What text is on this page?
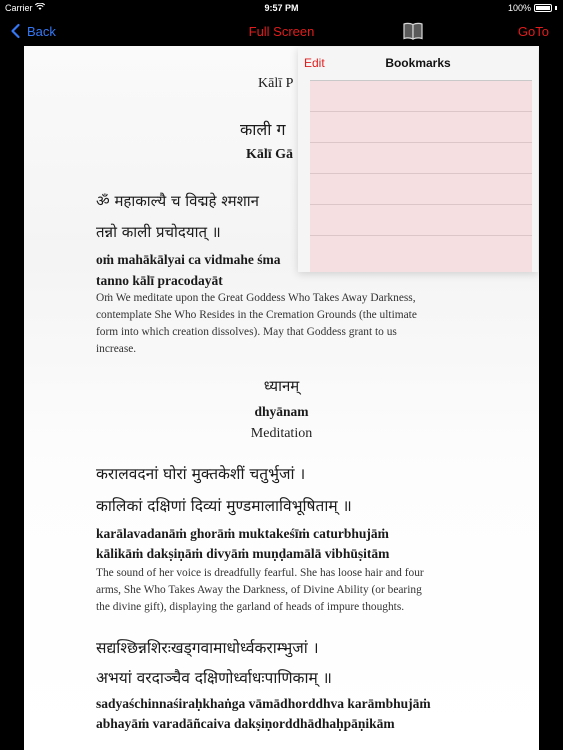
Carrier	9:57 PM	100%
Back	Full Screen	GoTo
Kālī P
काली ग
Kālī Gā
ॐ महाकाल्यै च विद्महे श्मशान
तन्नो काली प्रचोदयात् ॥
oṁ mahākālyai ca vidmahe śma
tanno kālī pracodayāt
Oṁ We meditate upon the Great Goddess Who Takes Away Darkness,
contemplate She Who Resides in the Cremation Grounds (the ultimate
form into which creation dissolves). May that Goddess grant to us
increase.
ध्यानम्
dhyānam
Meditation
करालवदनां घोरां मुक्तकेशीं चतुर्भुजां ।
कालिकां दक्षिणां दिव्यां मुण्डमालाविभूषिताम् ॥
karālavadanāṁ ghorāṁ muktakeśīṁ caturbhujāṁ
kālikāṁ dakṣiṇāṁ divyāṁ muṇḍamālā vibhūṣitām
The sound of her voice is dreadfully fearful. She has loose hair and four
arms, She Who Takes Away the Darkness, of Divine Ability (or bearing
the divine gift), displaying the garland of heads of impure thoughts.
सद्यश्छिन्नशिरःखड्गवामाधोर्ध्वकराम्भुजां ।
अभयां वरदाञ्चैव दक्षिणोर्ध्वाधःपाणिकाम् ॥
sadyaśchinnaśiraḥkhaṅga vāmādhorddhva karāmbhujāṁ
abhayāṁ varadāñcaiva dakṣiṇorddhādhaḥpāṇikām
Edit	Bookmarks
